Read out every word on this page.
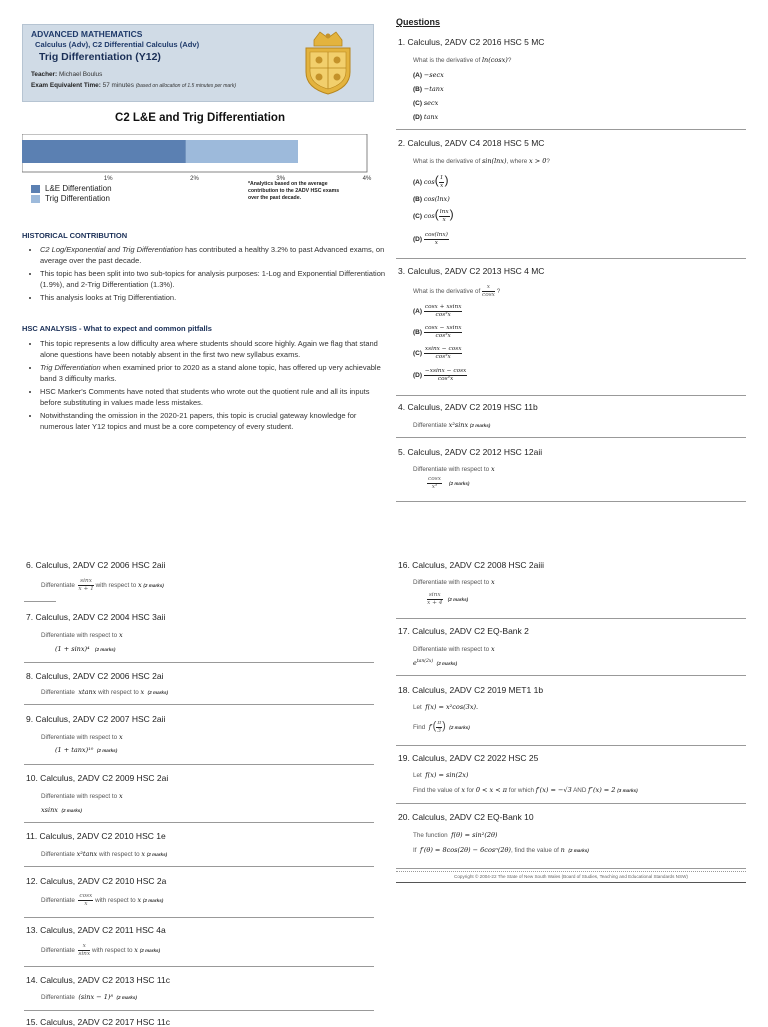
ADVANCED MATHEMATICS
Calculus (Adv), C2 Differential Calculus (Adv)
Trig Differentiation (Y12)
Teacher: Michael Boulus
Exam Equivalent Time: 57 minutes (based on allocation of 1.5 minutes per mark)
C2 L&E and Trig Differentiation
1%	2%	3%	4%
L&E Differentiation
Trig Differentiation
*Analytics based on the average contribution to the 2ADV HSC exams over the past decade.
HISTORICAL CONTRIBUTION
• C2 Log/Exponential and Trig Differentiation has contributed a healthy 3.2% to past Advanced exams, on average over the past decade.
• This topic has been split into two sub-topics for analysis purposes: 1-Log and Exponential Differentiation (1.9%), and 2-Trig Differentiation (1.3%).
• This analysis looks at Trig Differentiation.
HSC ANALYSIS - What to expect and common pitfalls
• This topic represents a low difficulty area where students should score highly. Again we flag that stand alone questions have been notably absent in the first two new syllabus exams.
• Trig Differentiation when examined prior to 2020 as a stand alone topic, has offered up very achievable band 3 difficulty marks.
• HSC Marker's Comments have noted that students who wrote out the quotient rule and all its inputs before substituting in values made less mistakes.
• Notwithstanding the omission in the 2020-21 papers, this topic is crucial gateway knowledge for numerous later Y12 topics and must be a core competency of every student.
Questions
1. Calculus, 2ADV C2 2016 HSC 5 MC
What is the derivative of ln(cosx)?
(A) −secx
(B) −tanx
(C) secx
(D) tanx
2. Calculus, 2ADV C4 2018 HSC 5 MC
What is the derivative of sin(lnx), where x > 0?
(A) $\cos( \frac{1}{x}$ )
(B) cos(lnx)
(C) $\cos( \frac{\ln x}{x}$ )
$(D) \frac{\cos(\ln x)}{x}$
3. Calculus, 2ADV C2 2013 HSC 4 MC
What is the derivative of $\frac{x}{\cos x}$ ?
$(A) \frac{\cos x + xsinx}{\text{cos²x}}$
$(B) \frac{\cos x - xsinx}{\text{cos²x}}$
$(C) \frac{xsinx - \cos x}{\text{cos²x}}$
$(D) \frac{-xsinx - \cos x}{\text{cos²x}}$
4. Calculus, 2ADV C2 2019 HSC 11b
Differentiate x²sinx (2 marks)
5. Calculus, 2ADV C2 2012 HSC 12aii
Differentiate with respect to x
$\frac{\cos x}{\text{x²}} (2$ marks)
6. Calculus, 2ADV C2 2006 HSC 2aii
Differentiate $\frac{\sin x}{x + 1}$ with respect to x (2 marks)
7. Calculus, 2ADV C2 2004 HSC 3aii
Differentiate with respect to x
(1 + sinx)⁴ (2 marks)
8. Calculus, 2ADV C2 2006 HSC 2ai
Differentiate xtanx with respect to x (2 marks)
9. Calculus, 2ADV C2 2007 HSC 2aii
Differentiate with respect to x
(1 + tanx)¹⁰ (2 marks)
10. Calculus, 2ADV C2 2009 HSC 2ai
Differentiate with respect to x
xsinx (2 marks)
11. Calculus, 2ADV C2 2010 HSC 1e
Differentiate x²tanx with respect to x (2 marks)
12. Calculus, 2ADV C2 2010 HSC 2a
Differentiate $\frac{\cos x}{x}$ with respect to x (2 marks)
13. Calculus, 2ADV C2 2011 HSC 4a
Differentiate $\frac{x}{\sin x}$ with respect to x (2 marks)
14. Calculus, 2ADV C2 2013 HSC 11c
Differentiate (sinx − 1)⁸ (2 marks)
15. Calculus, 2ADV C2 2017 HSC 11c
16. Calculus, 2ADV C2 2008 HSC 2aiii
Differentiate with respect to x
$\frac{\sin x}{x + 4} (2$ marks)
17. Calculus, 2ADV C2 EQ-Bank 2
Differentiate with respect to x
$e^{tan(2x)}$ (2 marks)
18. Calculus, 2ADV C2 2019 MET1 1b
Let f(x) = x²cos(3x).
Find $f'( \frac{\pi}{3}$ ) (2 marks)
19. Calculus, 2ADV C2 2022 HSC 25
Let f(x) = sin(2x)
Find the value of x for 0 < x < π for which f′(x) = −√3 AND f″(x) = 2 (3 marks)
20. Calculus, 2ADV C2 EQ-Bank 10
The function f(θ) = sin²(2θ)
If f′(θ) = 8cos(2θ) − 6cosⁿ(2θ), find the value of n (2 marks)
Copyright © 2004-22 The State of New South Wales (Board of Studies, Teaching and Educational Standards NSW)
